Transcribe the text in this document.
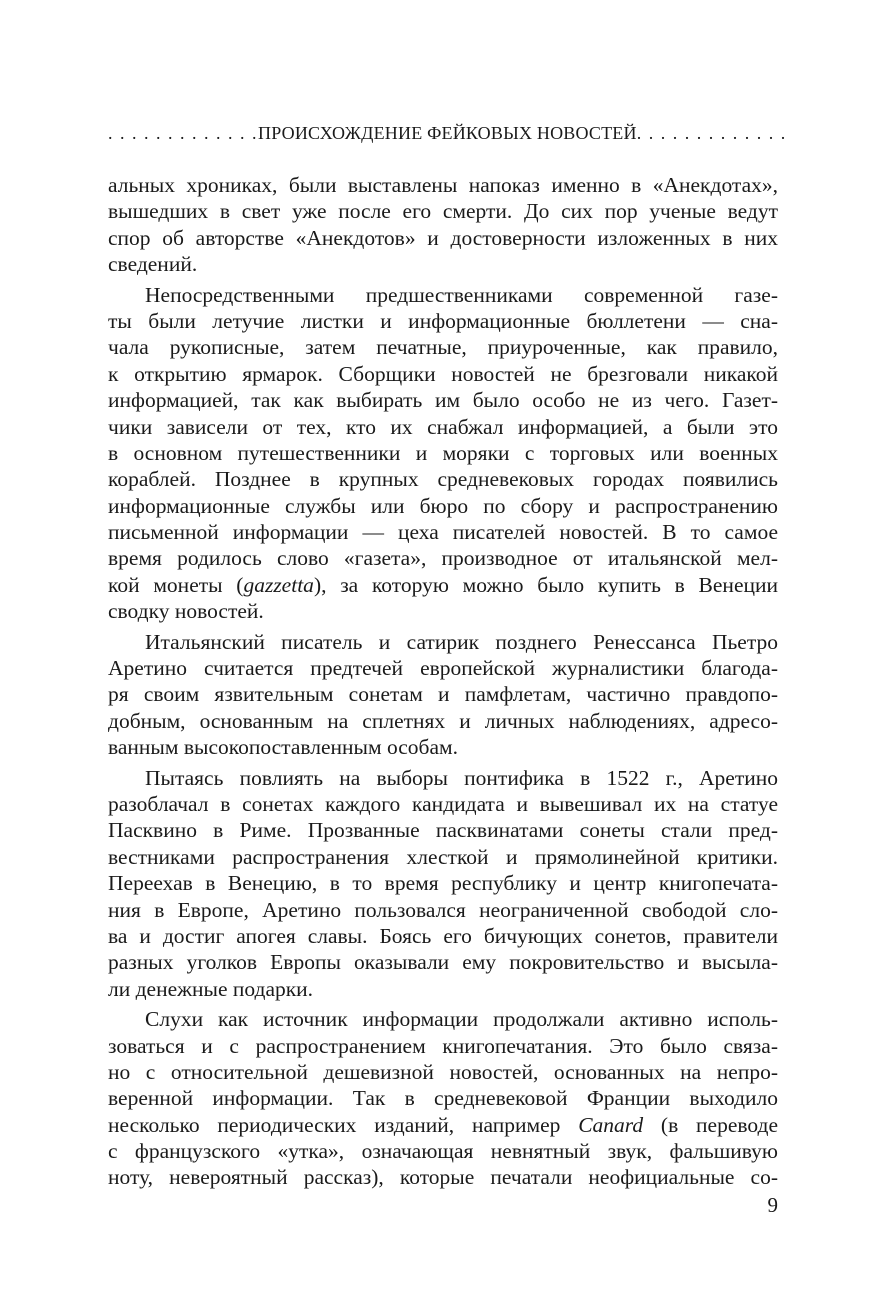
. . . . . . . . . . . . . ПРОИСХОЖДЕНИЕ ФЕЙКОВЫХ НОВОСТЕЙ . . . . . . . . . . . . .
альных хрониках, были выставлены напоказ именно в «Анекдотах»,
вышедших в свет уже после его смерти. До сих пор ученые ведут
спор об авторстве «Анекдотов» и достоверности изложенных в них
сведений.
Непосредственными предшественниками современной газе-
ты были летучие листки и информационные бюллетени — сна-
чала рукописные, затем печатные, приуроченные, как правило,
к открытию ярмарок. Сборщики новостей не брезговали никакой
информацией, так как выбирать им было особо не из чего. Газет-
чики зависели от тех, кто их снабжал информацией, а были это
в основном путешественники и моряки с торговых или военных
кораблей. Позднее в крупных средневековых городах появились
информационные службы или бюро по сбору и распространению
письменной информации — цеха писателей новостей. В то самое
время родилось слово «газета», производное от итальянской мел-
кой монеты (gazzetta), за которую можно было купить в Венеции
сводку новостей.
Итальянский писатель и сатирик позднего Ренессанса Пьетро
Аретино считается предтечей европейской журналистики благода-
ря своим язвительным сонетам и памфлетам, частично правдопо-
добным, основанным на сплетнях и личных наблюдениях, адресо-
ванным высокопоставленным особам.
Пытаясь повлиять на выборы понтифика в 1522 г., Аретино
разоблачал в сонетах каждого кандидата и вывешивал их на статуе
Пасквино в Риме. Прозванные пасквинатами сонеты стали пред-
вестниками распространения хлесткой и прямолинейной критики.
Переехав в Венецию, в то время республику и центр книгопечата-
ния в Европе, Аретино пользовался неограниченной свободой сло-
ва и достиг апогея славы. Боясь его бичующих сонетов, правители
разных уголков Европы оказывали ему покровительство и высыла-
ли денежные подарки.
Слухи как источник информации продолжали активно исполь-
зоваться и с распространением книгопечатания. Это было связа-
но с относительной дешевизной новостей, основанных на непро-
веренной информации. Так в средневековой Франции выходило
несколько периодических изданий, например Canard (в переводе
с французского «утка», означающая невнятный звук, фальшивую
ноту, невероятный рассказ), которые печатали неофициальные со-
9
